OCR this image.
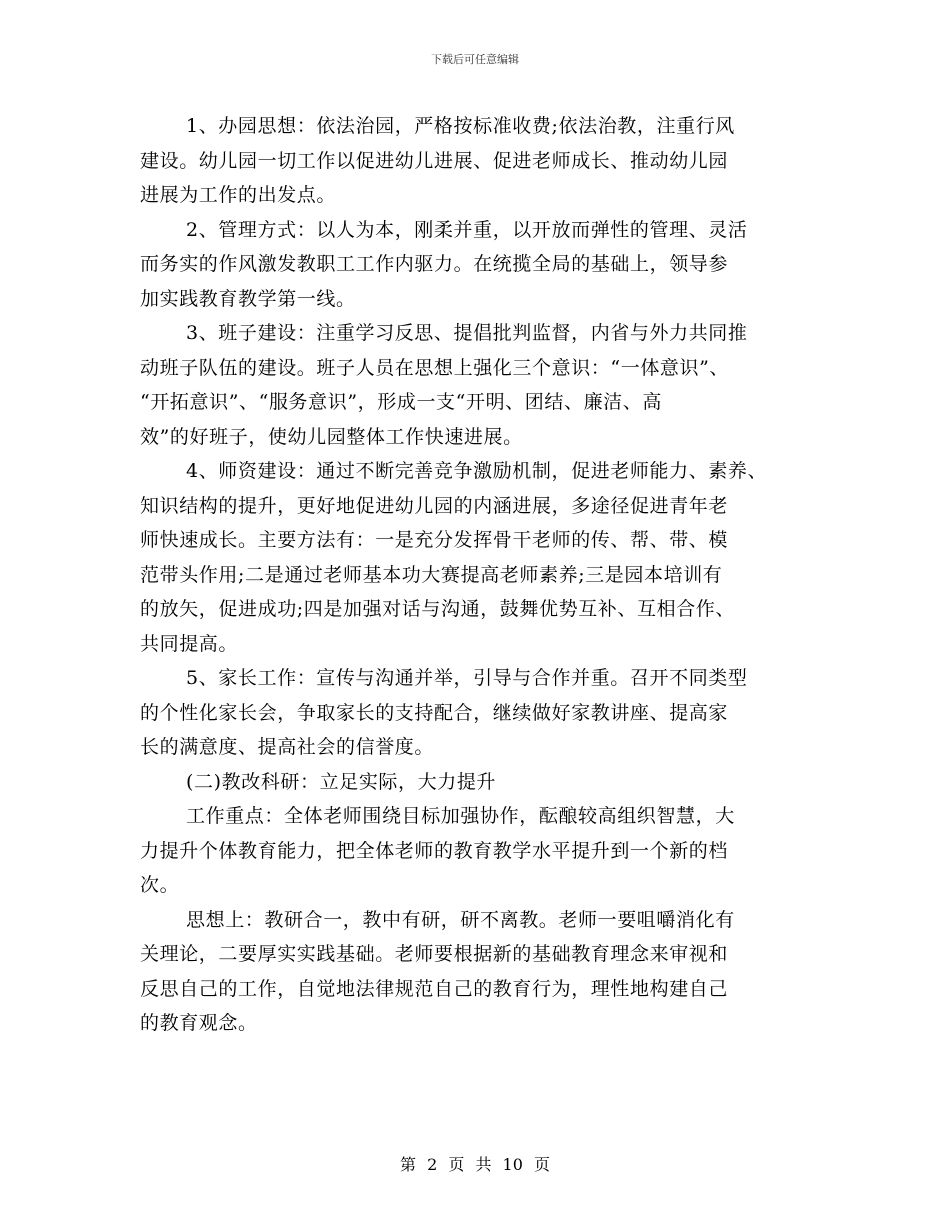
下载后可任意编辑

1、办园思想：依法治园，严格按标准收费;依法治教，注重行风
建设。幼儿园一切工作以促进幼儿进展、促进老师成长、推动幼儿园
进展为工作的出发点。

2、管理方式：以人为本，刚柔并重，以开放而弹性的管理、灵活
而务实的作风激发教职工工作内驱力。在统揽全局的基础上，领导参
加实践教育教学第一线。

3、班子建设：注重学习反思、提倡批判监督，内省与外力共同推
动班子队伍的建设。班子人员在思想上强化三个意识：“一体意识”、
“开拓意识”、“服务意识”，形成一支“开明、团结、廉洁、高
效”的好班子，使幼儿园整体工作快速进展。

4、师资建设：通过不断完善竞争激励机制，促进老师能力、素养、
知识结构的提升，更好地促进幼儿园的内涵进展，多途径促进青年老
师快速成长。主要方法有：一是充分发挥骨干老师的传、帮、带、模
范带头作用;二是通过老师基本功大赛提高老师素养;三是园本培训有
的放矢，促进成功;四是加强对话与沟通，鼓舞优势互补、互相合作、
共同提高。

5、家长工作：宣传与沟通并举，引导与合作并重。召开不同类型
的个性化家长会，争取家长的支持配合，继续做好家教讲座、提高家
长的满意度、提高社会的信誉度。

(二)教改科研：立足实际，大力提升

工作重点：全体老师围绕目标加强协作，酝酿较高组织智慧，大
力提升个体教育能力，把全体老师的教育教学水平提升到一个新的档
次。

思想上：教研合一，教中有研，研不离教。老师一要咀嚼消化有
关理论，二要厚实实践基础。老师要根据新的基础教育理念来审视和
反思自己的工作，自觉地法律规范自己的教育行为，理性地构建自己
的教育观念。

第 2 页 共 10 页
